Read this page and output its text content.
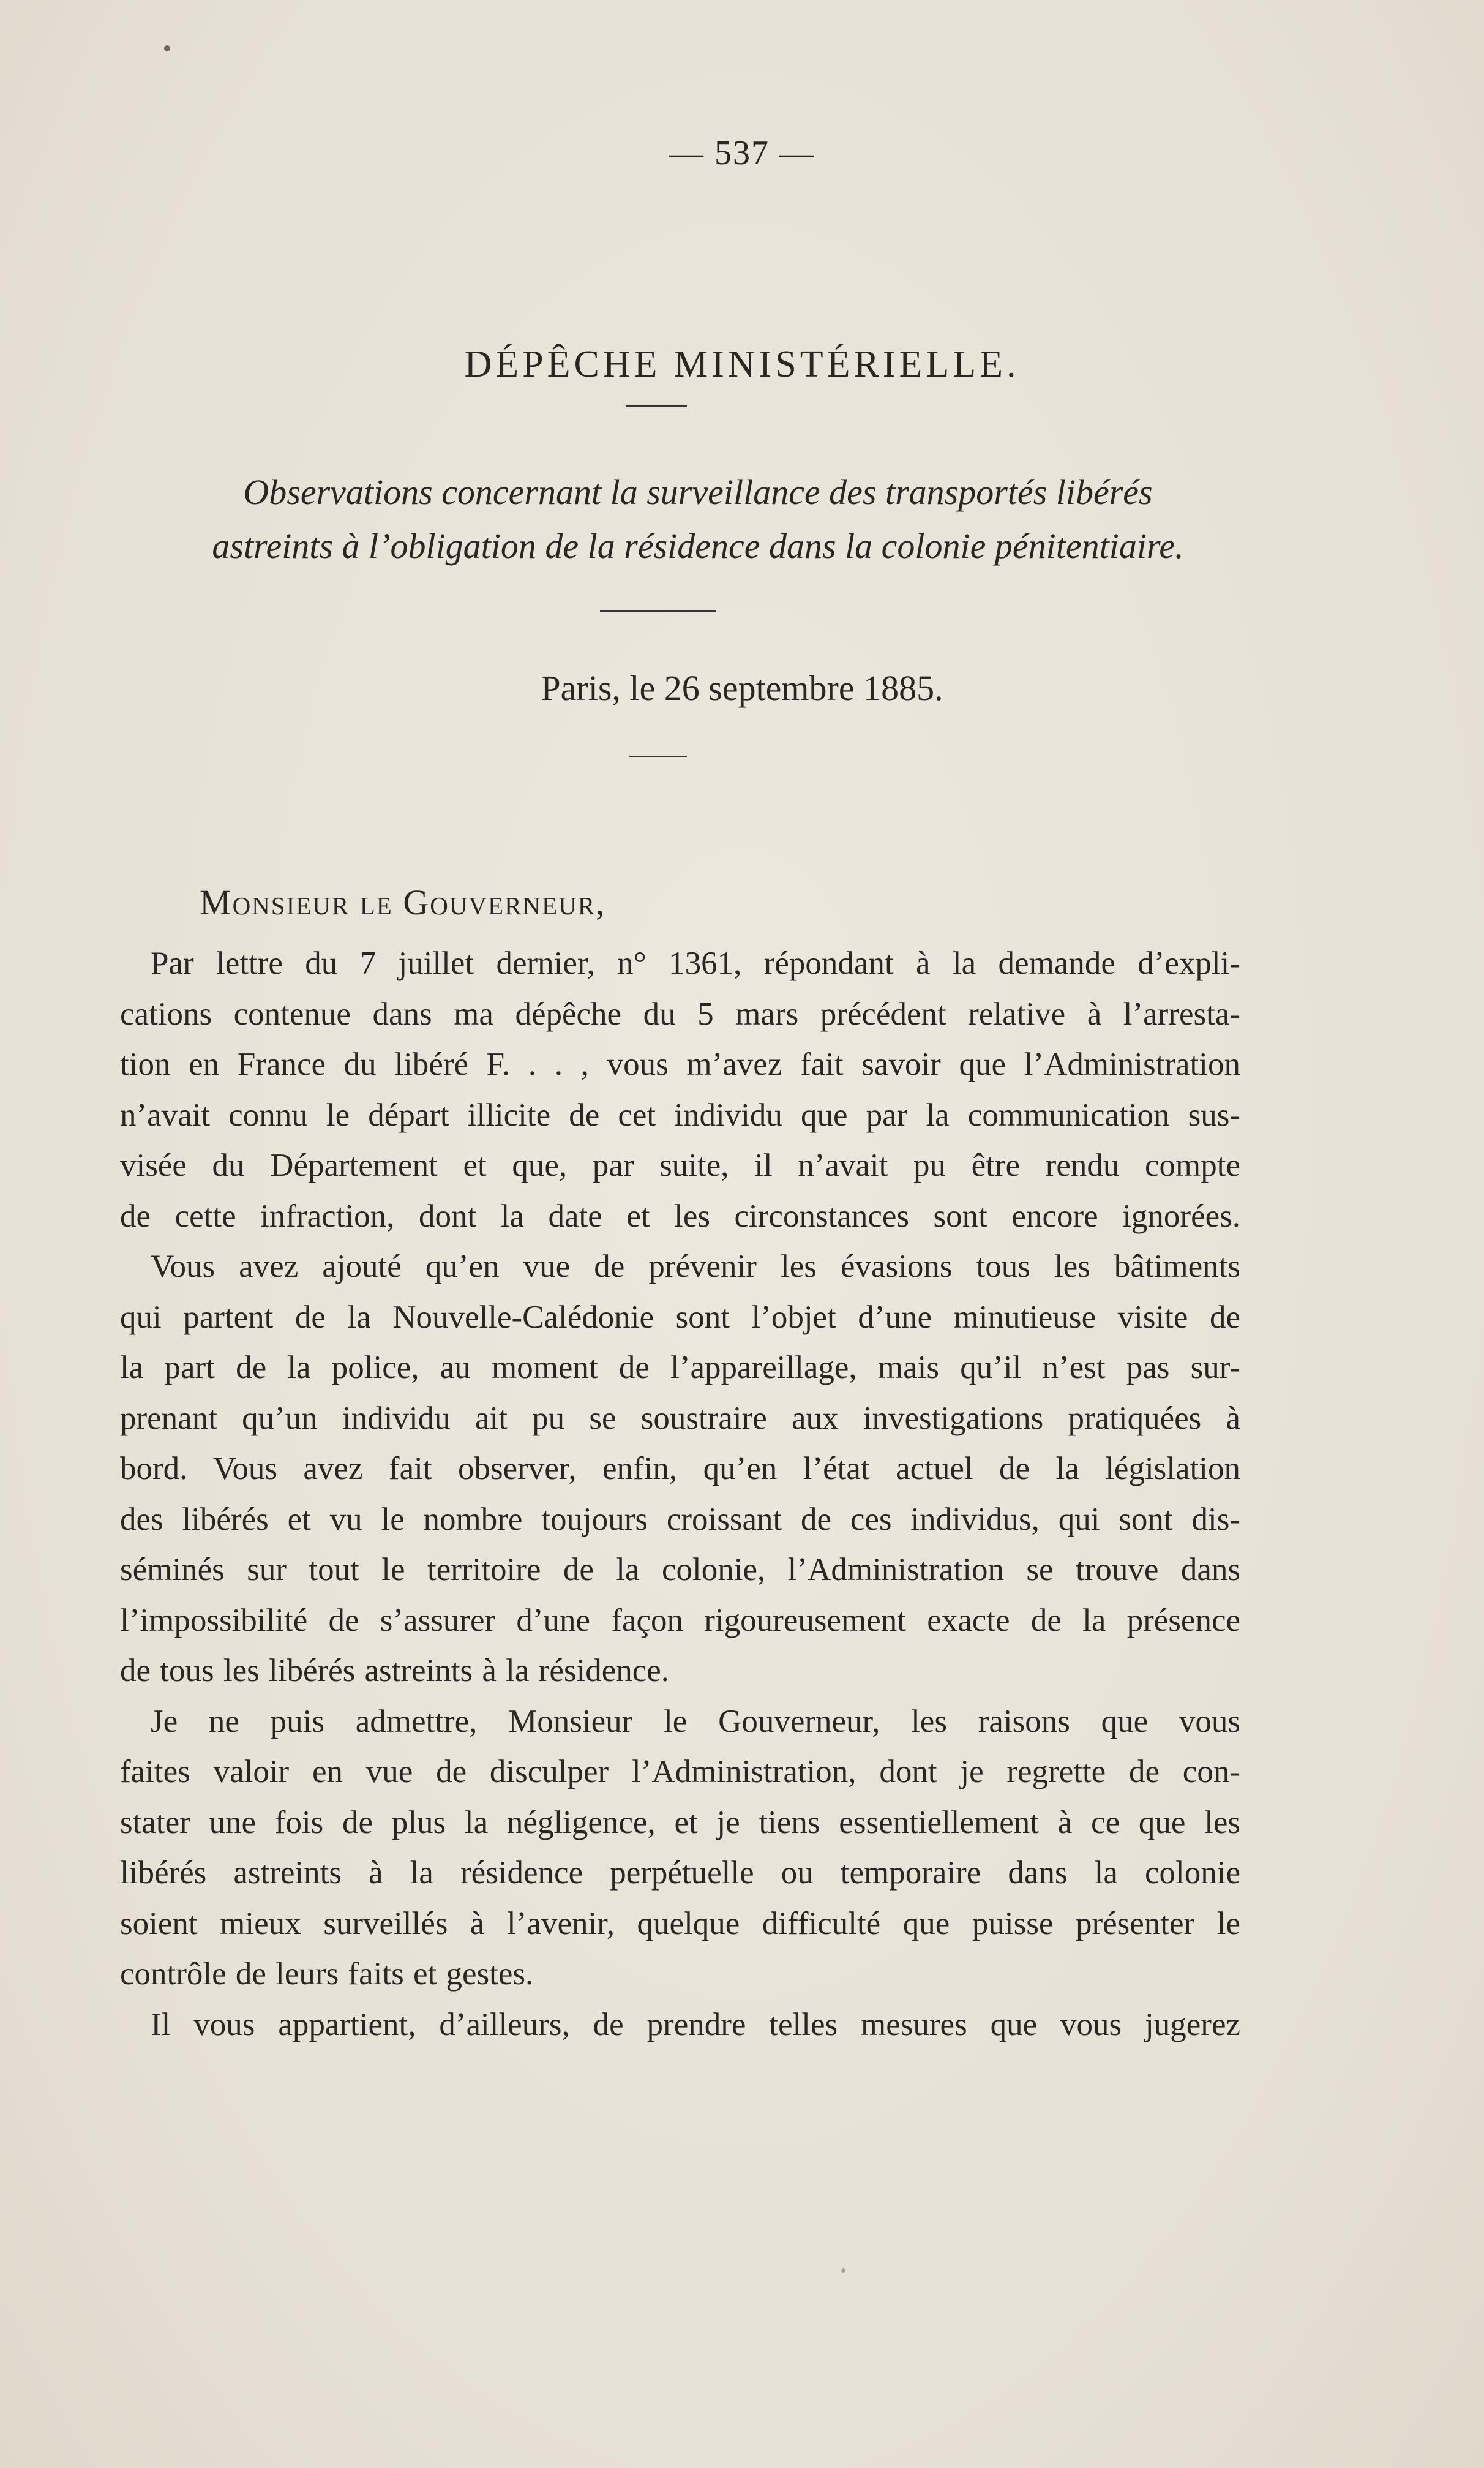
— 537 —
DÉPÊCHE MINISTÉRIELLE.
Observations concernant la surveillance des transportés libérés
astreints à l’obligation de la résidence dans la colonie pénitentiaire.
Paris, le 26 septembre 1885.
Monsieur le Gouverneur,
Par lettre du 7 juillet dernier, n° 1361, répondant à la demande d’expli-
cations contenue dans ma dépêche du 5 mars précédent relative à l’arresta-
tion en France du libéré F. . . , vous m’avez fait savoir que l’Administration
n’avait connu le départ illicite de cet individu que par la communication sus-
visée du Département et que, par suite, il n’avait pu être rendu compte
de cette infraction, dont la date et les circonstances sont encore ignorées.
Vous avez ajouté qu’en vue de prévenir les évasions tous les bâtiments
qui partent de la Nouvelle-Calédonie sont l’objet d’une minutieuse visite de
la part de la police, au moment de l’appareillage, mais qu’il n’est pas sur-
prenant qu’un individu ait pu se soustraire aux investigations pratiquées à
bord. Vous avez fait observer, enfin, qu’en l’état actuel de la législation
des libérés et vu le nombre toujours croissant de ces individus, qui sont dis-
séminés sur tout le territoire de la colonie, l’Administration se trouve dans
l’impossibilité de s’assurer d’une façon rigoureusement exacte de la présence
de tous les libérés astreints à la résidence.
Je ne puis admettre, Monsieur le Gouverneur, les raisons que vous
faites valoir en vue de disculper l’Administration, dont je regrette de con-
stater une fois de plus la négligence, et je tiens essentiellement à ce que les
libérés astreints à la résidence perpétuelle ou temporaire dans la colonie
soient mieux surveillés à l’avenir, quelque difficulté que puisse présenter le
contrôle de leurs faits et gestes.
Il vous appartient, d’ailleurs, de prendre telles mesures que vous jugerez
